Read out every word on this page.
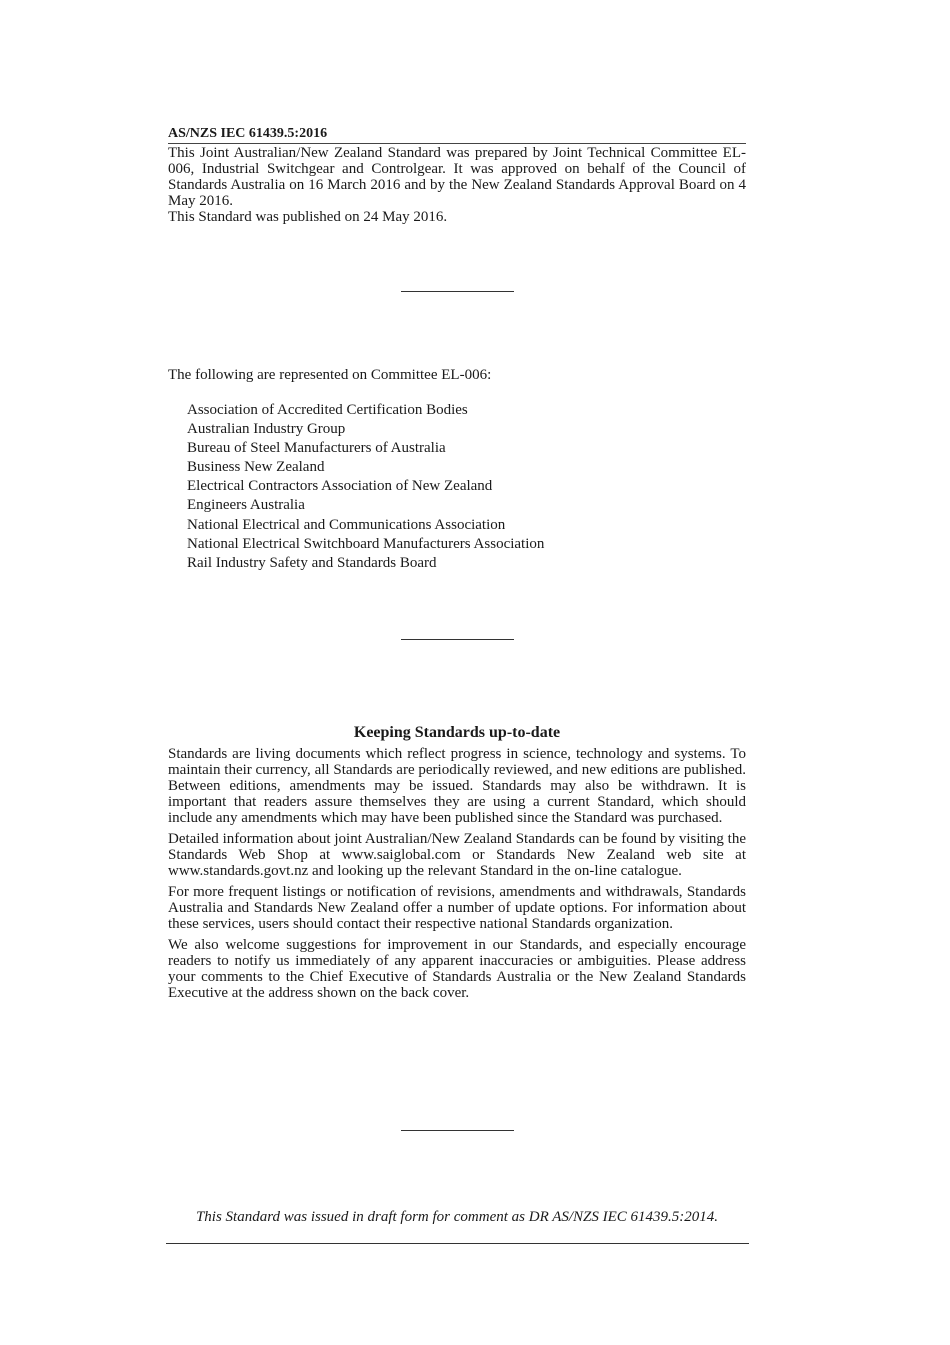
AS/NZS IEC 61439.5:2016

This Joint Australian/New Zealand Standard was prepared by Joint Technical Committee EL-006, Industrial Switchgear and Controlgear. It was approved on behalf of the Council of Standards Australia on 16 March 2016 and by the New Zealand Standards Approval Board on 4 May 2016.

This Standard was published on 24 May 2016.

The following are represented on Committee EL-006:
Association of Accredited Certification Bodies
Australian Industry Group
Bureau of Steel Manufacturers of Australia
Business New Zealand
Electrical Contractors Association of New Zealand
Engineers Australia
National Electrical and Communications Association
National Electrical Switchboard Manufacturers Association
Rail Industry Safety and Standards Board
Keeping Standards up-to-date

Standards are living documents which reflect progress in science, technology and systems. To maintain their currency, all Standards are periodically reviewed, and new editions are published. Between editions, amendments may be issued. Standards may also be withdrawn. It is important that readers assure themselves they are using a current Standard, which should include any amendments which may have been published since the Standard was purchased.

Detailed information about joint Australian/New Zealand Standards can be found by visiting the Standards Web Shop at www.saiglobal.com or Standards New Zealand web site at www.standards.govt.nz and looking up the relevant Standard in the on-line catalogue.

For more frequent listings or notification of revisions, amendments and withdrawals, Standards Australia and Standards New Zealand offer a number of update options. For information about these services, users should contact their respective national Standards organization.

We also welcome suggestions for improvement in our Standards, and especially encourage readers to notify us immediately of any apparent inaccuracies or ambiguities. Please address your comments to the Chief Executive of Standards Australia or the New Zealand Standards Executive at the address shown on the back cover.

This Standard was issued in draft form for comment as DR AS/NZS IEC 61439.5:2014.
